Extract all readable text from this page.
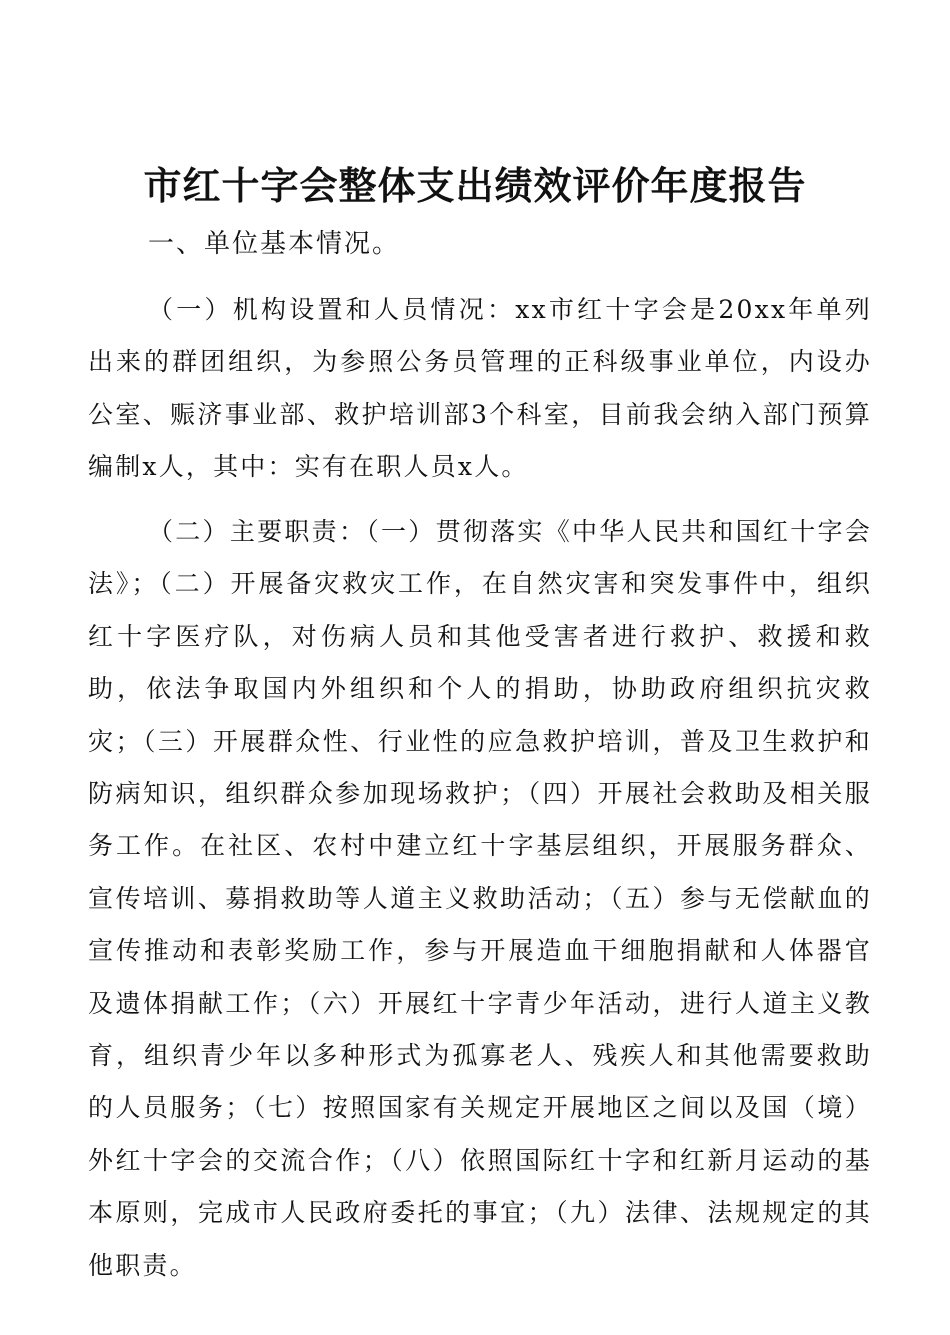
市红十字会整体支出绩效评价年度报告

一、单位基本情况。

（一）机构设置和人员情况：xx市红十字会是20xx年单列出来的群团组织，为参照公务员管理的正科级事业单位，内设办公室、赈济事业部、救护培训部3个科室，目前我会纳入部门预算编制x人，其中：实有在职人员x人。

（二）主要职责：（一）贯彻落实《中华人民共和国红十字会法》；（二）开展备灾救灾工作，在自然灾害和突发事件中，组织红十字医疗队，对伤病人员和其他受害者进行救护、救援和救助，依法争取国内外组织和个人的捐助，协助政府组织抗灾救灾；（三）开展群众性、行业性的应急救护培训，普及卫生救护和防病知识，组织群众参加现场救护；（四）开展社会救助及相关服务工作。在社区、农村中建立红十字基层组织，开展服务群众、宣传培训、募捐救助等人道主义救助活动；（五）参与无偿献血的宣传推动和表彰奖励工作，参与开展造血干细胞捐献和人体器官及遗体捐献工作；（六）开展红十字青少年活动，进行人道主义教育，组织青少年以多种形式为孤寡老人、残疾人和其他需要救助的人员服务；（七）按照国家有关规定开展地区之间以及国（境）外红十字会的交流合作；（八）依照国际红十字和红新月运动的基本原则，完成市人民政府委托的事宜；（九）法律、法规规定的其他职责。
